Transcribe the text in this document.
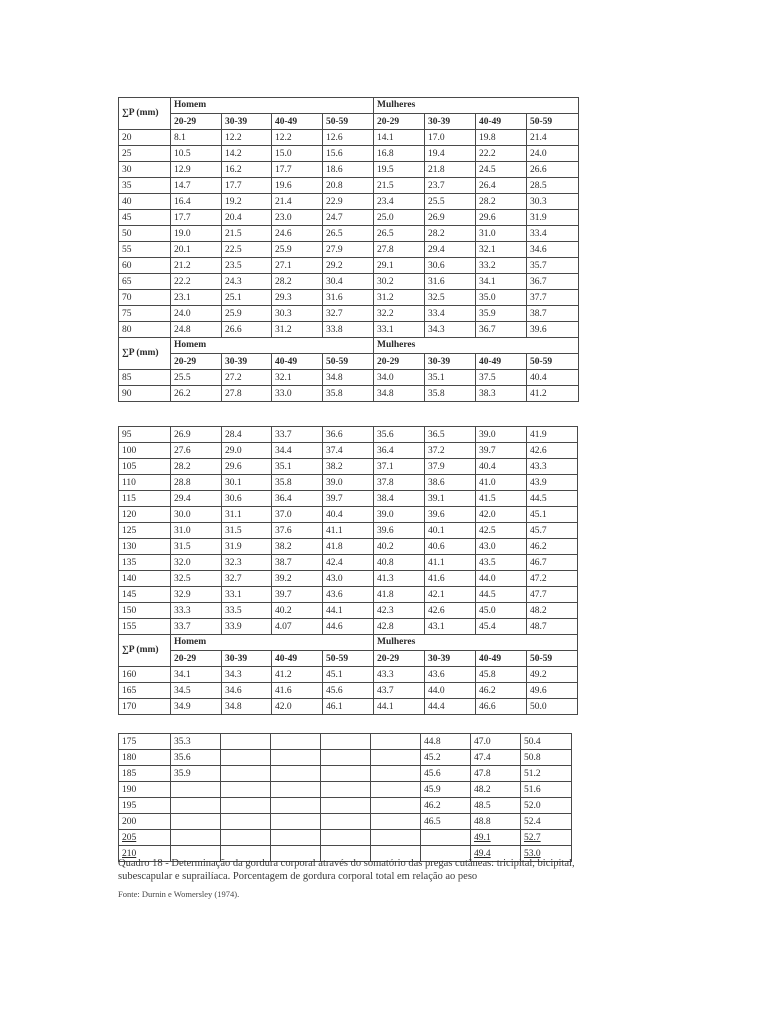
∑P (mm)	Homem				Mulheres			
	20-29	30-39	40-49	50-59	20-29	30-39	40-49	50-59
20	8.1	12.2	12.2	12.6	14.1	17.0	19.8	21.4
25	10.5	14.2	15.0	15.6	16.8	19.4	22.2	24.0
30	12.9	16.2	17.7	18.6	19.5	21.8	24.5	26.6
35	14.7	17.7	19.6	20.8	21.5	23.7	26.4	28.5
40	16.4	19.2	21.4	22.9	23.4	25.5	28.2	30.3
45	17.7	20.4	23.0	24.7	25.0	26.9	29.6	31.9
50	19.0	21.5	24.6	26.5	26.5	28.2	31.0	33.4
55	20.1	22.5	25.9	27.9	27.8	29.4	32.1	34.6
60	21.2	23.5	27.1	29.2	29.1	30.6	33.2	35.7
65	22.2	24.3	28.2	30.4	30.2	31.6	34.1	36.7
70	23.1	25.1	29.3	31.6	31.2	32.5	35.0	37.7
75	24.0	25.9	30.3	32.7	32.2	33.4	35.9	38.7
80	24.8	26.6	31.2	33.8	33.1	34.3	36.7	39.6
∑P (mm)	Homem				Mulheres			
	20-29	30-39	40-49	50-59	20-29	30-39	40-49	50-59
85	25.5	27.2	32.1	34.8	34.0	35.1	37.5	40.4
90	26.2	27.8	33.0	35.8	34.8	35.8	38.3	41.2
95	26.9	28.4	33.7	36.6	35.6	36.5	39.0	41.9
100	27.6	29.0	34.4	37.4	36.4	37.2	39.7	42.6
105	28.2	29.6	35.1	38.2	37.1	37.9	40.4	43.3
110	28.8	30.1	35.8	39.0	37.8	38.6	41.0	43.9
115	29.4	30.6	36.4	39.7	38.4	39.1	41.5	44.5
120	30.0	31.1	37.0	40.4	39.0	39.6	42.0	45.1
125	31.0	31.5	37.6	41.1	39.6	40.1	42.5	45.7
130	31.5	31.9	38.2	41.8	40.2	40.6	43.0	46.2
135	32.0	32.3	38.7	42.4	40.8	41.1	43.5	46.7
140	32.5	32.7	39.2	43.0	41.3	41.6	44.0	47.2
145	32.9	33.1	39.7	43.6	41.8	42.1	44.5	47.7
150	33.3	33.5	40.2	44.1	42.3	42.6	45.0	48.2
155	33.7	33.9	4.07	44.6	42.8	43.1	45.4	48.7
∑P (mm)	Homem				Mulheres			
	20-29	30-39	40-49	50-59	20-29	30-39	40-49	50-59
160	34.1	34.3	41.2	45.1	43.3	43.6	45.8	49.2
165	34.5	34.6	41.6	45.6	43.7	44.0	46.2	49.6
170	34.9	34.8	42.0	46.1	44.1	44.4	46.6	50.0
175	35.3					44.8	47.0	50.4
180	35.6					45.2	47.4	50.8
185	35.9					45.6	47.8	51.2
190						45.9	48.2	51.6
195						46.2	48.5	52.0
200						46.5	48.8	52.4
205							49.1	52.7
210							49.4	53.0
Quadro 18 - Determinação da gordura corporal através do somatório das pregas cutâneas: tricipital, bicipital, subescapular e suprailíaca. Porcentagem de gordura corporal total em relação ao peso
Fonte: Durnin e Womersley (1974).
